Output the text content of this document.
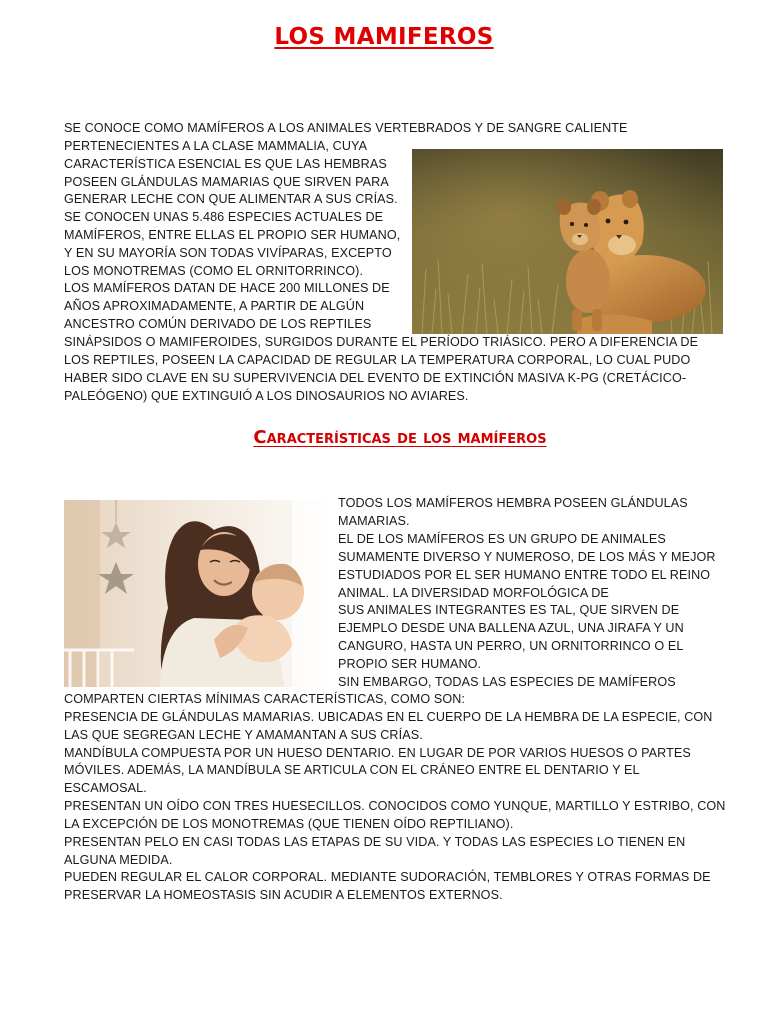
LOS MAMIFEROS

SE CONOCE COMO MAMÍFEROS A LOS ANIMALES VERTEBRADOS Y DE SANGRE CALIENTE

PERTENECIENTES A LA CLASE MAMMALIA, CUYA

CARACTERÍSTICA ESENCIAL ES QUE LAS HEMBRAS

POSEEN GLÁNDULAS MAMARIAS QUE SIRVEN PARA

GENERAR LECHE CON QUE ALIMENTAR A SUS CRÍAS.

SE CONOCEN UNAS 5.486 ESPECIES ACTUALES DE

MAMÍFEROS, ENTRE ELLAS EL PROPIO SER HUMANO,

Y EN SU MAYORÍA SON TODAS VIVÍPARAS, EXCEPTO

LOS MONOTREMAS (COMO EL ORNITORRINCO).

LOS MAMÍFEROS DATAN DE HACE 200 MILLONES DE

AÑOS APROXIMADAMENTE, A PARTIR DE ALGÚN

ANCESTRO COMÚN DERIVADO DE LOS REPTILES

SINÁPSIDOS O MAMIFEROIDES, SURGIDOS DURANTE EL PERÍODO TRIÁSICO. PERO A DIFERENCIA DE

LOS REPTILES, POSEEN LA CAPACIDAD DE REGULAR LA TEMPERATURA CORPORAL, LO CUAL PUDO

HABER SIDO CLAVE EN SU SUPERVIVENCIA DEL EVENTO DE EXTINCIÓN MASIVA K-PG (CRETÁCICO-

PALEÓGENO) QUE EXTINGUIÓ A LOS DINOSAURIOS NO AVIARES.

Características de los mamíferos

TODOS LOS MAMÍFEROS HEMBRA POSEEN GLÁNDULAS

MAMARIAS.

EL DE LOS MAMÍFEROS ES UN GRUPO DE ANIMALES

SUMAMENTE DIVERSO Y NUMEROSO, DE LOS MÁS Y MEJOR

ESTUDIADOS POR EL SER HUMANO ENTRE TODO EL REINO

ANIMAL. LA DIVERSIDAD MORFOLÓGICA DE

SUS ANIMALES INTEGRANTES ES TAL, QUE SIRVEN DE

EJEMPLO DESDE UNA BALLENA AZUL, UNA JIRAFA Y UN

CANGURO, HASTA UN PERRO, UN ORNITORRINCO O EL

PROPIO SER HUMANO.

SIN EMBARGO, TODAS LAS ESPECIES DE MAMÍFEROS

COMPARTEN CIERTAS MÍNIMAS CARACTERÍSTICAS, COMO SON:

PRESENCIA DE GLÁNDULAS MAMARIAS. UBICADAS EN EL CUERPO DE LA HEMBRA DE LA ESPECIE, CON

LAS QUE SEGREGAN LECHE Y AMAMANTAN A SUS CRÍAS.

MANDÍBULA COMPUESTA POR UN HUESO DENTARIO. EN LUGAR DE POR VARIOS HUESOS O PARTES

MÓVILES. ADEMÁS, LA MANDÍBULA SE ARTICULA CON EL CRÁNEO ENTRE EL DENTARIO Y EL

ESCAMOSAL.

PRESENTAN UN OÍDO CON TRES HUESECILLOS. CONOCIDOS COMO YUNQUE, MARTILLO Y ESTRIBO, CON

LA EXCEPCIÓN DE LOS MONOTREMAS (QUE TIENEN OÍDO REPTILIANO).

PRESENTAN PELO EN CASI TODAS LAS ETAPAS DE SU VIDA. Y TODAS LAS ESPECIES LO TIENEN EN

ALGUNA MEDIDA.

PUEDEN REGULAR EL CALOR CORPORAL. MEDIANTE SUDORACIÓN, TEMBLORES Y OTRAS FORMAS DE

PRESERVAR LA HOMEOSTASIS SIN ACUDIR A ELEMENTOS EXTERNOS.
